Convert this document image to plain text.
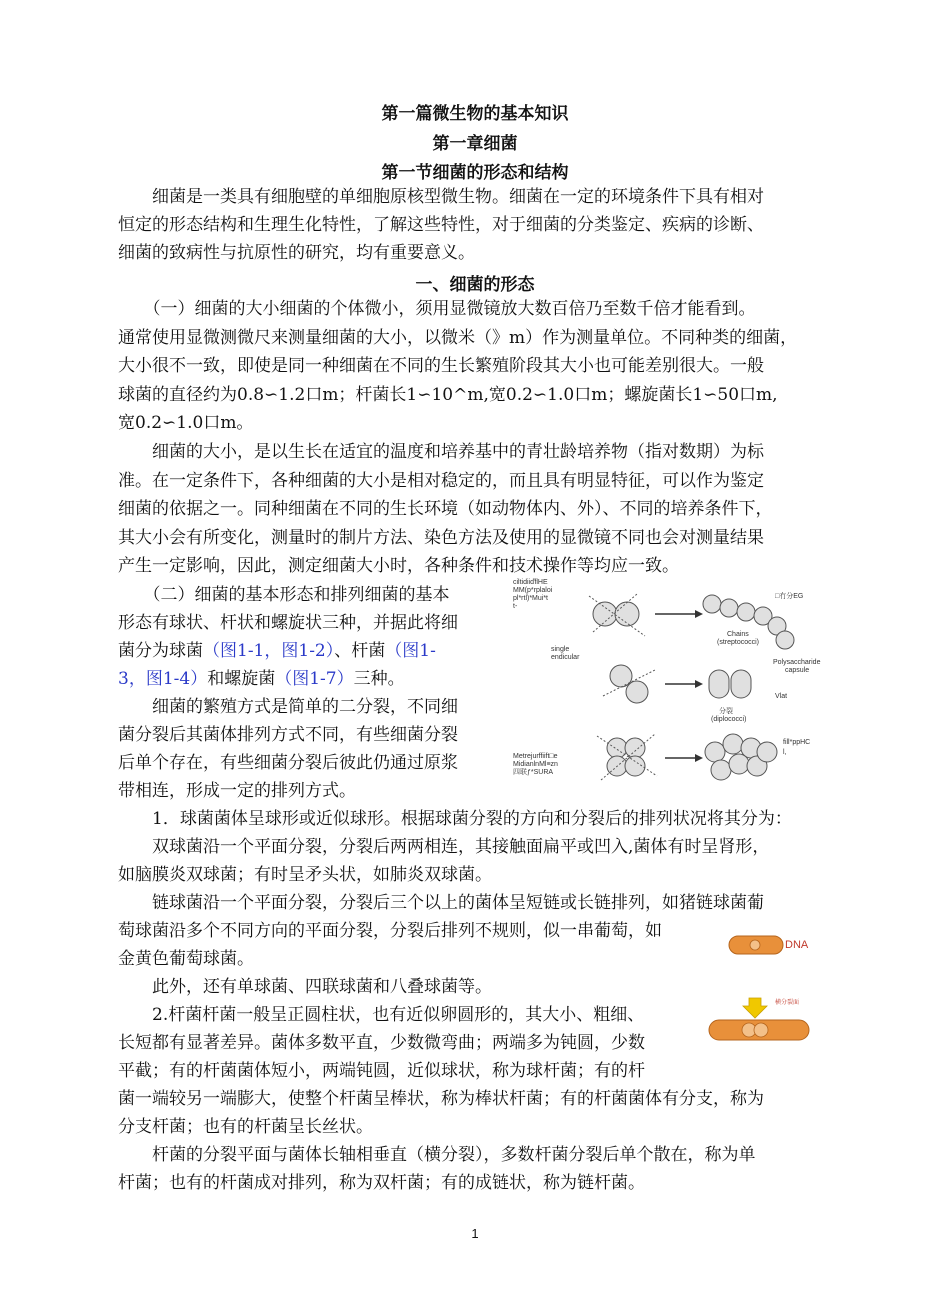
第一篇微生物的基本知识
第一章细菌
第一节细菌的形态和结构
　　细菌是一类具有细胞壁的单细胞原核型微生物。细菌在一定的环境条件下具有相对
恒定的形态结构和生理生化特性，了解这些特性，对于细菌的分类鉴定、疾病的诊断、
细菌的致病性与抗原性的研究，均有重要意义。
一、细菌的形态
　　（一）细菌的大小细菌的个体微小，须用显微镜放大数百倍乃至数千倍才能看到。
通常使用显微测微尺来测量细菌的大小，以微米（》m）作为测量单位。不同种类的细菌，
大小很不一致，即使是同一种细菌在不同的生长繁殖阶段其大小也可能差别很大。一般
球菌的直径约为0.8∽1.2口m；杆菌长1∽10^m,宽0.2∽1.0口m；螺旋菌长1∽50口m,
宽0.2∽1.0口m。
　　细菌的大小，是以生长在适宜的温度和培养基中的青壮龄培养物（指对数期）为标
准。在一定条件下，各种细菌的大小是相对稳定的，而且具有明显特征，可以作为鉴定
细菌的依据之一。同种细菌在不同的生长环境（如动物体内、外）、不同的培养条件下，
其大小会有所变化，测量时的制片方法、染色方法及使用的显微镜不同也会对测量结果
产生一定影响，因此，测定细菌大小时，各种条件和技术操作等均应一致。
　　（二）细菌的基本形态和排列细菌的基本
形态有球状、杆状和螺旋状三种，并据此将细
菌分为球菌（图1-1，图1-2）、杆菌（图1-
3，图1-4）和螺旋菌（图1-7）三种。
　　细菌的繁殖方式是简单的二分裂，不同细
菌分裂后其菌体排列方式不同，有些细菌分裂
后单个存在，有些细菌分裂后彼此仍通过原浆
带相连，形成一定的排列方式。
ciltidiiďflHE
MM(p*rplaloi
pl*rtl)*Mui*t
t-
single
endicular
Chains
(streptococci)
□冇分EG
Polysaccharide
capsule
Vlat
分裂
(diplococci)
Metrejurffiift□e
MidianlnMl≡zn
四联ƒ*SURA
fill*ppHC
l,
　　1．球菌菌体呈球形或近似球形。根据球菌分裂的方向和分裂后的排列状况将其分为：
　　双球菌沿一个平面分裂，分裂后两两相连，其接触面扁平或凹入,菌体有时呈肾形，
如脑膜炎双球菌；有时呈矛头状，如肺炎双球菌。
　　链球菌沿一个平面分裂，分裂后三个以上的菌体呈短链或长链排列，如猪链球菌葡
萄球菌沿多个不同方向的平面分裂，分裂后排列不规则，似一串葡萄，如
金黄色葡萄球菌。
　　此外，还有单球菌、四联球菌和八叠球菌等。
DNA
　　2.杆菌杆菌一般呈正圆柱状，也有近似卵圆形的，其大小、粗细、
长短都有显著差异。菌体多数平直，少数微弯曲；两端多为钝圆，少数
平截；有的杆菌菌体短小，两端钝圆，近似球状，称为球杆菌；有的杆
菌一端较另一端膨大，使整个杆菌呈棒状，称为棒状杆菌；有的杆菌菌体有分支，称为
分支杆菌；也有的杆菌呈长丝状。
　　杆菌的分裂平面与菌体长轴相垂直（横分裂），多数杆菌分裂后单个散在，称为单
杆菌；也有的杆菌成对排列，称为双杆菌；有的成链状，称为链杆菌。
横分裂面
1
